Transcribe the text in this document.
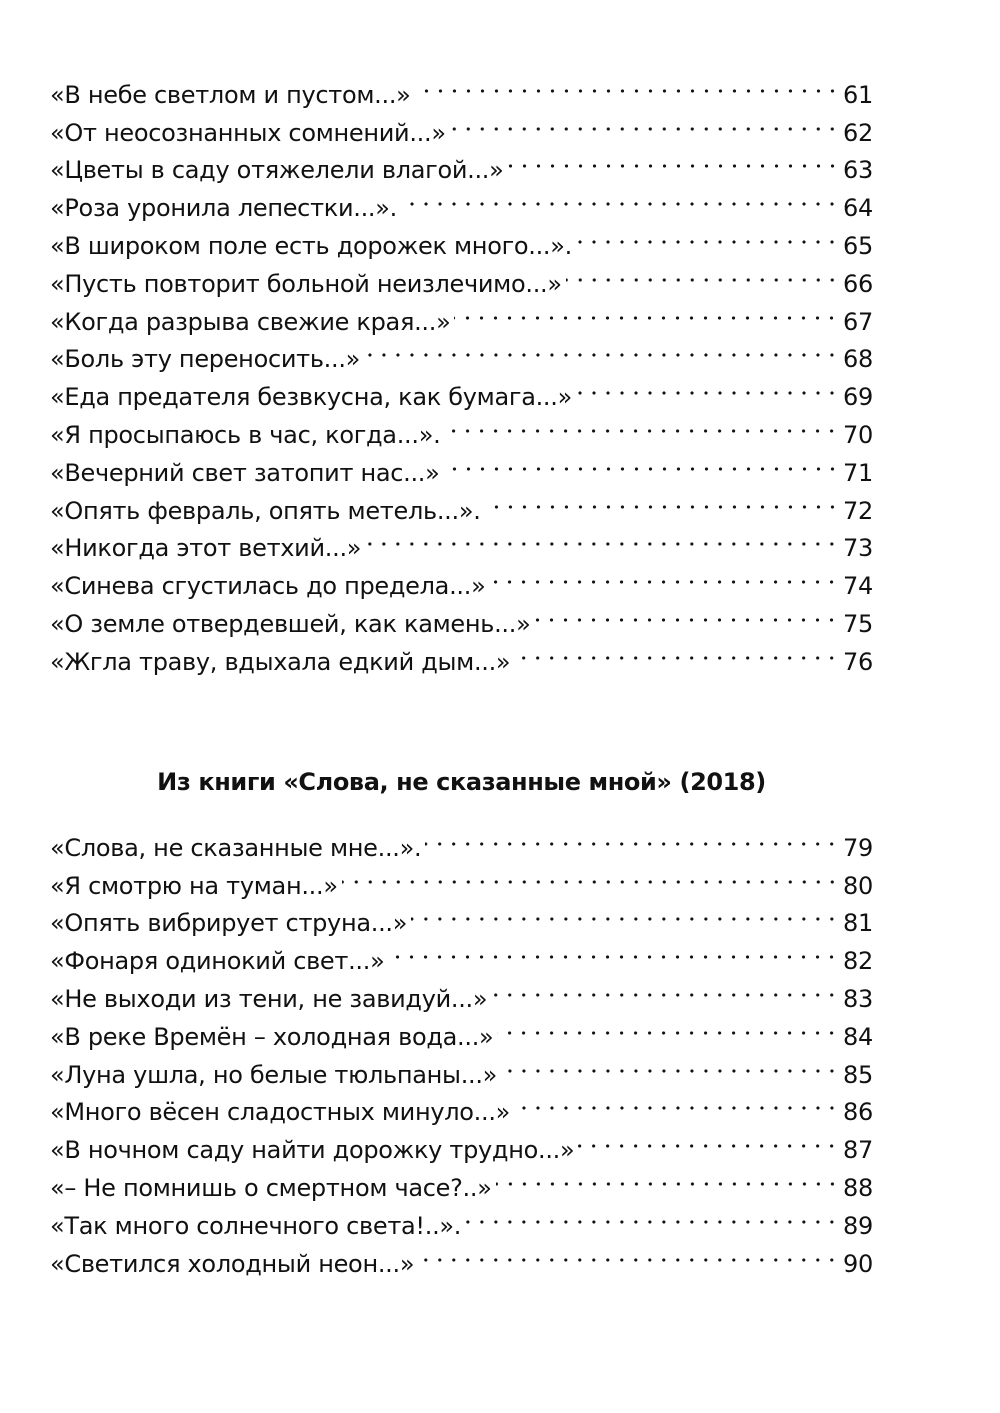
«В небе светлом и пустом...»	61
«От неосознанных сомнений...»	62
«Цветы в саду отяжелели влагой...»	63
«Роза уронила лепестки...».	64
«В широком поле есть дорожек много...».	65
«Пусть повторит больной неизлечимо...»	66
«Когда разрыва свежие края...»	67
«Боль эту переносить...»	68
«Еда предателя безвкусна, как бумага...»	69
«Я просыпаюсь в час, когда...».	70
«Вечерний свет затопит нас...»	71
«Опять февраль, опять метель...».	72
«Никогда этот ветхий...»	73
«Синева сгустилась до предела...»	74
«О земле отвердевшей, как камень...»	75
«Жгла траву, вдыхала едкий дым...»	76
Из книги «Слова, не сказанные мной» (2018)
«Слова, не сказанные мне...».	79
«Я смотрю на туман...»	80
«Опять вибрирует струна...»	81
«Фонаря одинокий свет...»	82
«Не выходи из тени, не завидуй...»	83
«В реке Времён – холодная вода...»	84
«Луна ушла, но белые тюльпаны...»	85
«Много вёсен сладостных минуло...»	86
«В ночном саду найти дорожку трудно...»	87
«– Не помнишь о смертном часе?..»	88
«Так много солнечного света!..».	89
«Светился холодный неон...»	90
